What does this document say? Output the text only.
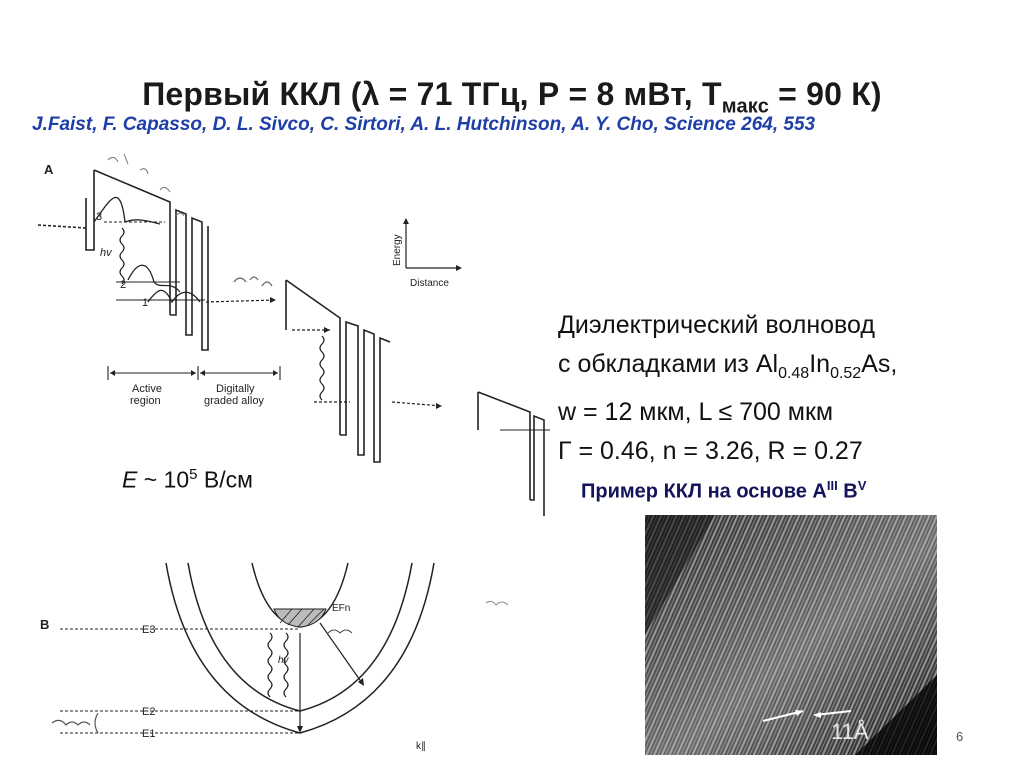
Первый ККЛ (λ = 71 ТГц, Р = 8 мВт, $Т_{макс} = 90$ К)
J.Faist, F. Capasso, D. L. Sivco, C. Sirtori, A. L. Hutchinson, A. Y. Cho, Science 264, 553
A
3
2
1
hv
Active
region
Digitally
graded alloy
Energy
Distance
Диэлектрический волновод
с обкладками из $Al_{0.48}In_{0.52}As$,
w = 12 мкм, L ≤ 700 мкм
Г = 0.46, n = 3.26, R = 0.27
E ~ $10^5$ В/см	Пример ККЛ на основе $A^{III}$ $B^V$
B	E3
E2
E1
EFn
hv
k∥
11Å	6
